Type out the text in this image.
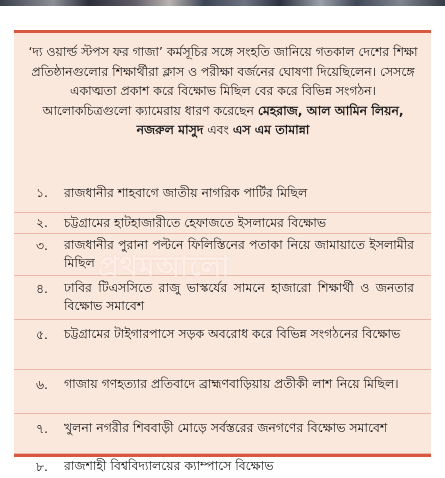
‘দ্য ওয়ার্ল্ড স্টপস ফর গাজা’ কর্মসূচির সঙ্গে সংহতি জানিয়ে গতকাল দেশের শিক্ষা প্রতিষ্ঠানগুলোর শিক্ষার্থীরা ক্লাস ও পরীক্ষা বর্জনের ঘোষণা দিয়েছিলেন। সেসঙ্গে একাত্মতা প্রকাশ করে বিক্ষোভ মিছিল বের করে বিভিন্ন সংগঠন। আলোকচিত্রগুলো ক্যামেরায় ধারণ করেছেন মেহরাজ, আল আমিন লিয়ন, নজরুল মাসুদ এবং এস এম তামান্না

১.	রাজধানীর শাহবাগে জাতীয় নাগরিক পার্টির মিছিল
২.	চট্টগ্রামের হাটহাজারীতে হেফাজতে ইসলামের বিক্ষোভ
৩.	রাজধানীর পুরানা পল্টনে ফিলিস্তিনের পতাকা নিয়ে জামায়াতে ইসলামীর মিছিল
৪.	ঢাবির টিএসসিতে রাজু ভাস্কর্যের সামনে হাজারো শিক্ষার্থী ও জনতার বিক্ষোভ সমাবেশ
৫.	চট্টগ্রামের টাইগারপাসে সড়ক অবরোধ করে বিভিন্ন সংগঠনের বিক্ষোভ
৬.	গাজায় গণহত্যার প্রতিবাদে ব্রাহ্মণবাড়িয়ায় প্রতীকী লাশ নিয়ে মিছিল।
৭.	খুলনা নগরীর শিববাড়ী মোড়ে সর্বস্তরের জনগণের বিক্ষোভ সমাবেশ
৮.	রাজশাহী বিশ্ববিদ্যালয়ের ক্যাম্পাসে বিক্ষোভ
প্রথমআলো
